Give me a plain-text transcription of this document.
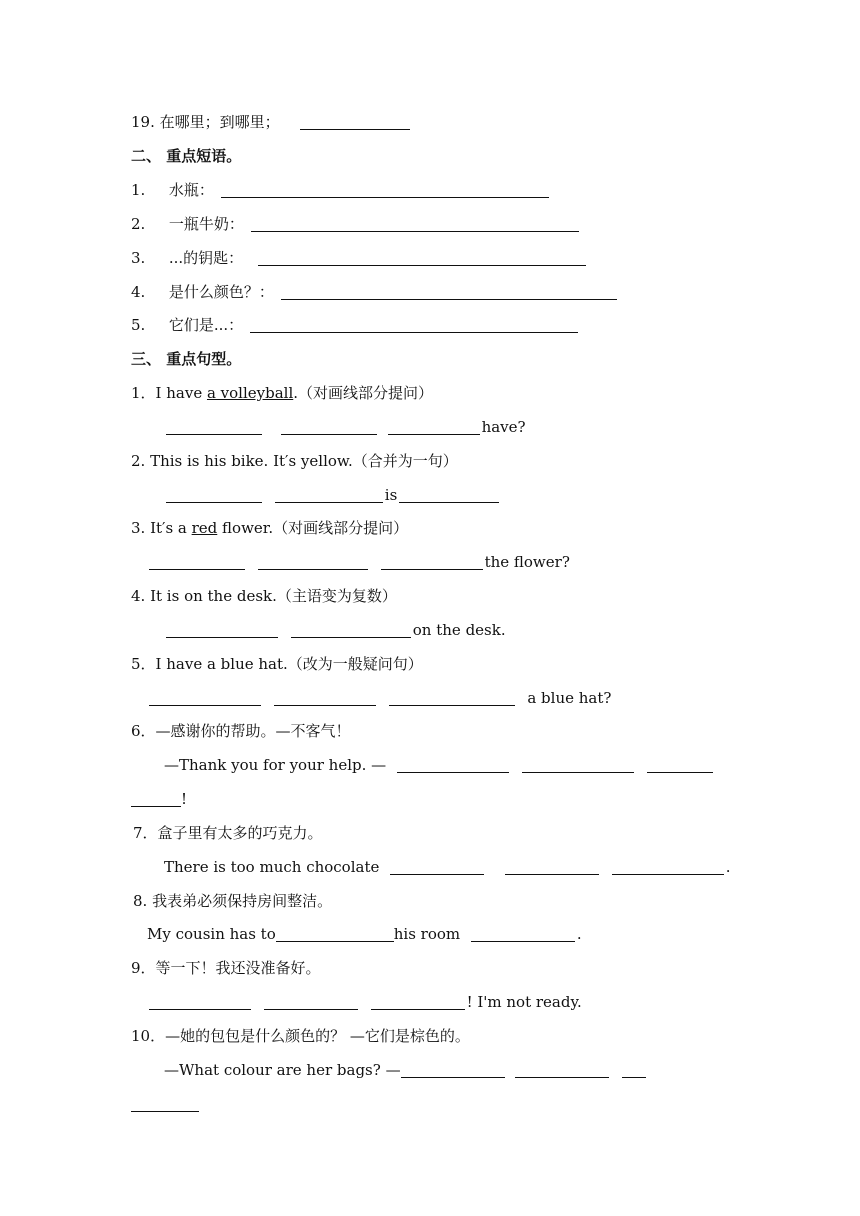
19. 在哪里；到哪里；
二、 重点短语。
1. 水瓶：
2. 一瓶牛奶：
3. ...的钥匙：
4. 是什么颜色？：
5. 它们是...：
三、 重点句型。
1．I have a volleyball.（对画线部分提问）
have?
2. This is his bike. It′s yellow.（合并为一句）
is
3. It′s a red flower.（对画线部分提问）
the flower?
4. It is on the desk.（主语变为复数）
on the desk.
5．I have a blue hat.（改为一般疑问句）
a blue hat?
6．—感谢你的帮助。—不客气！
—Thank you for your help. —
!
7．盒子里有太多的巧克力。
There is too much chocolate	.
8. 我表弟必须保持房间整洁。
My cousin has to	his room	.
9．等一下！我还没准备好。
! I'm not ready.
10．—她的包包是什么颜色的？ —它们是棕色的。
—What colour are her bags? —
